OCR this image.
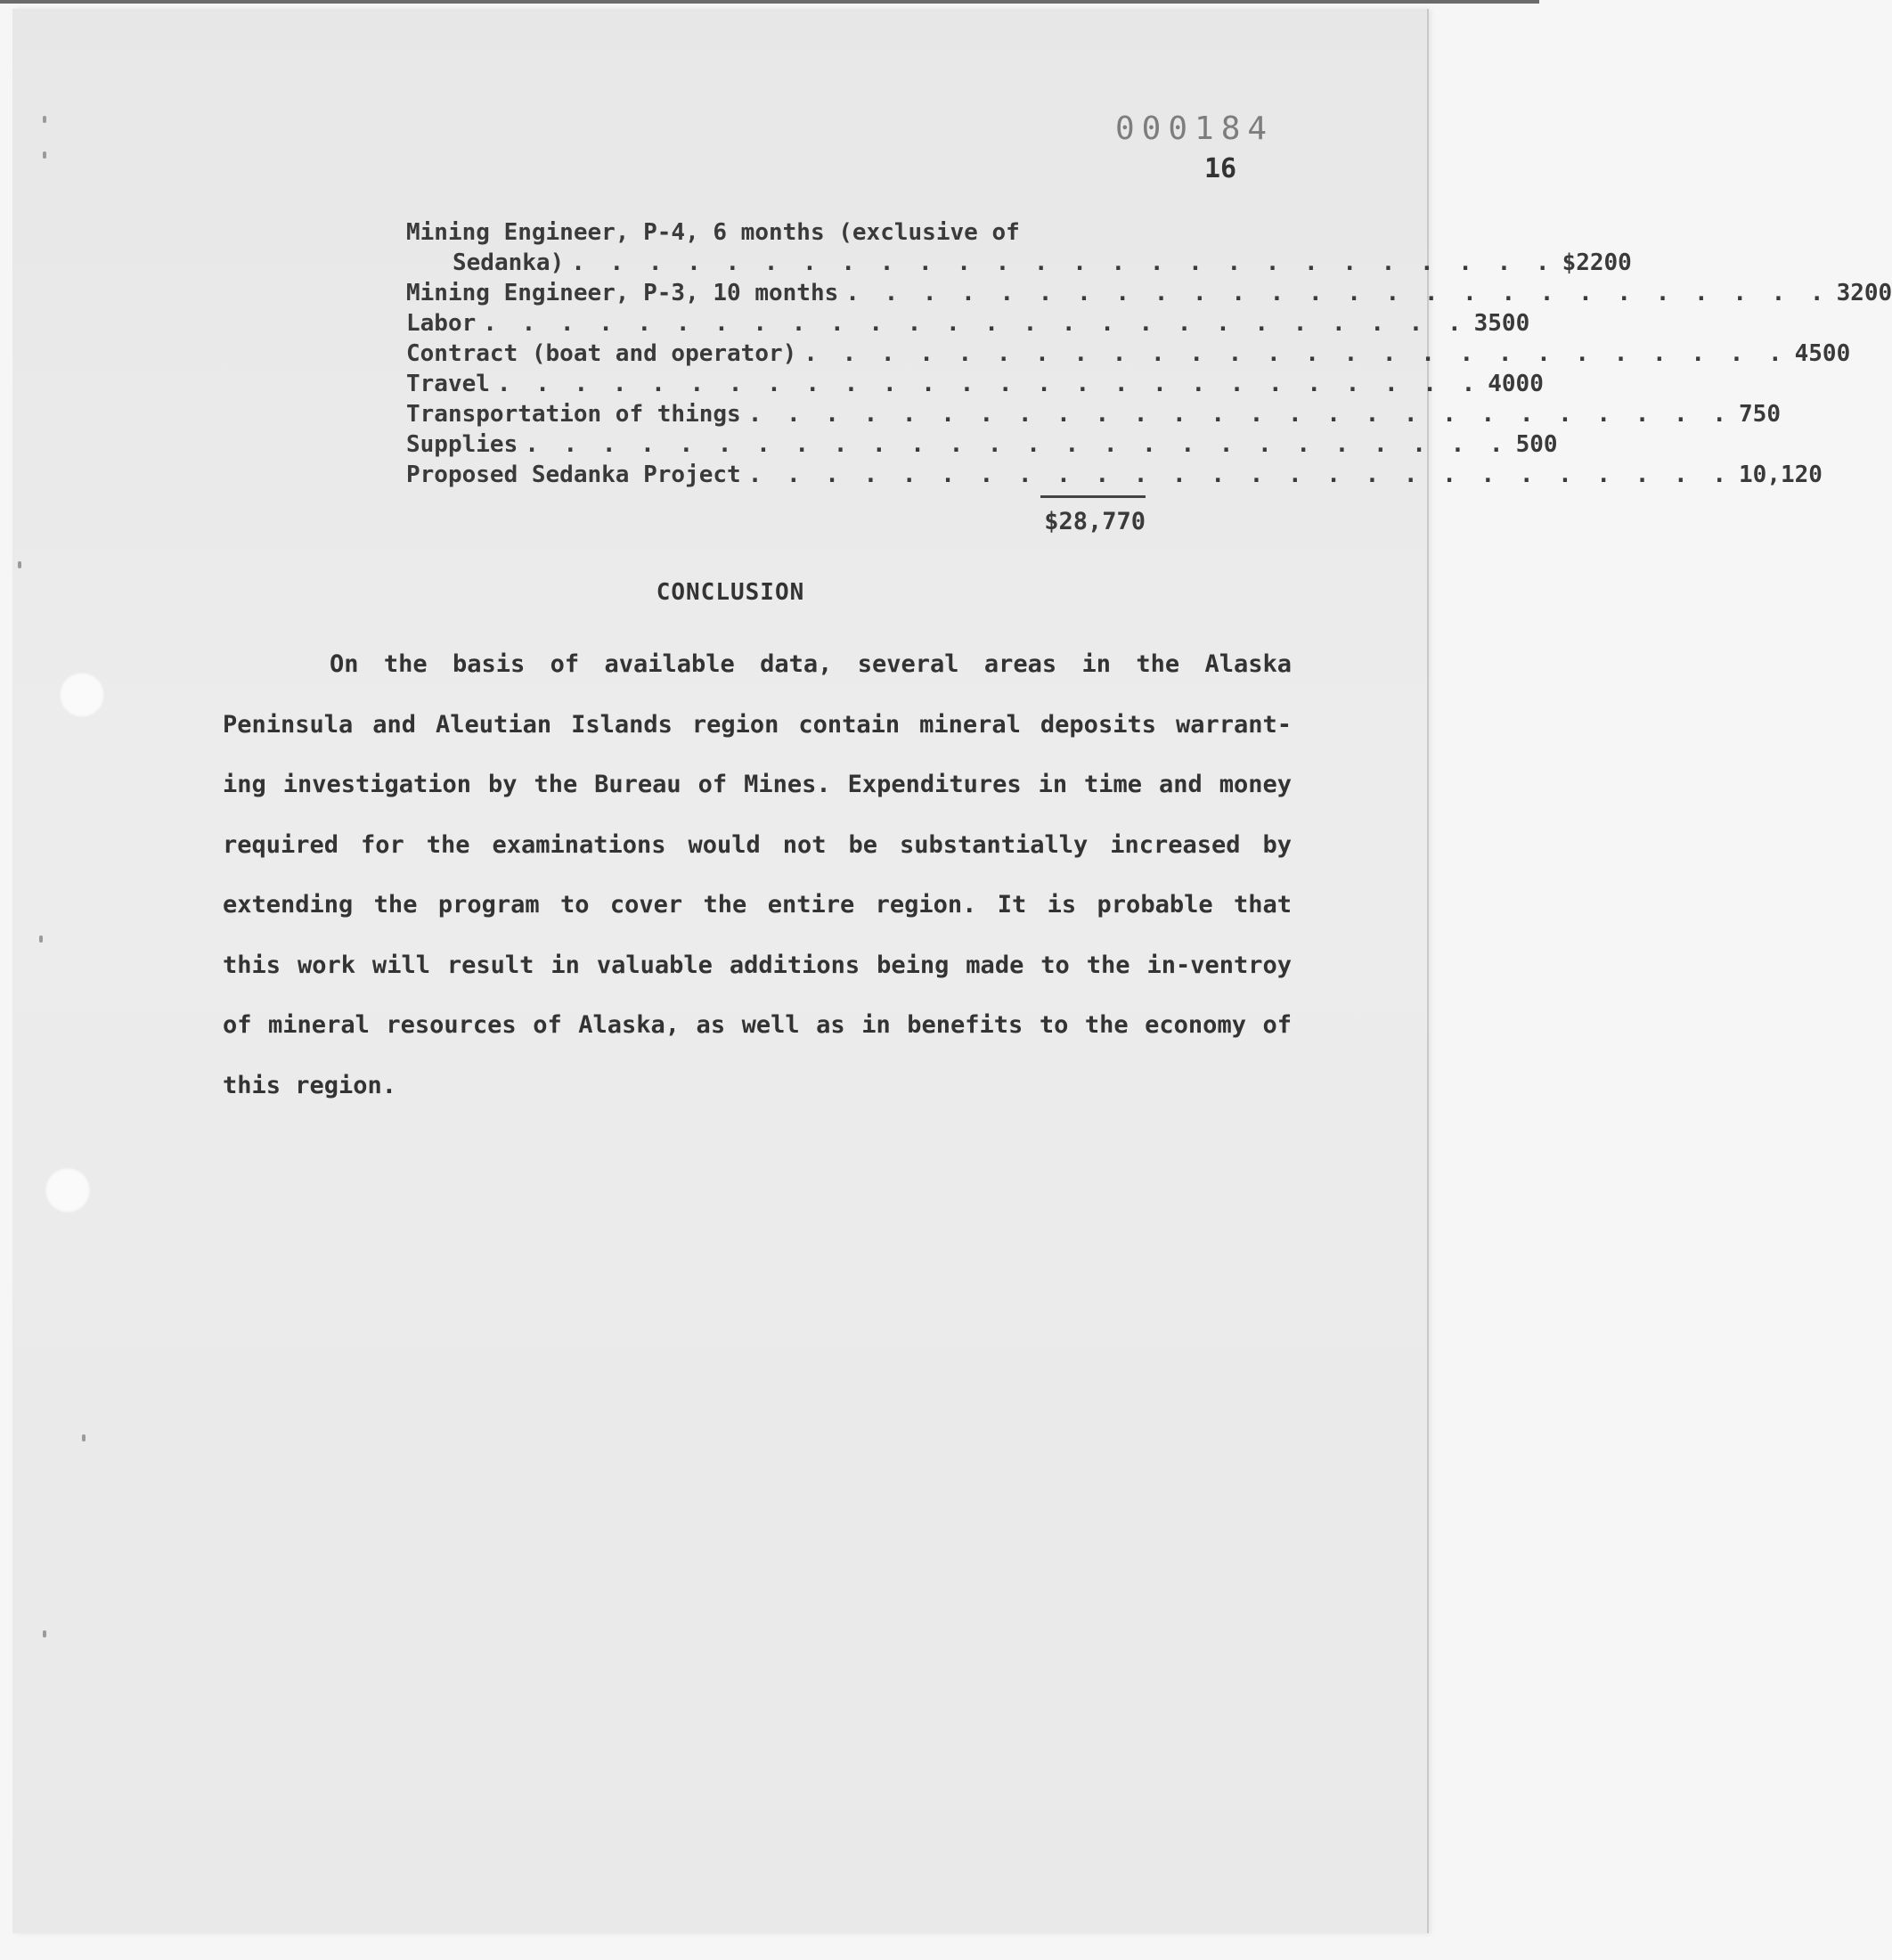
000184
16
Mining Engineer, P-4, 6 months (exclusive of
Sedanka) . . . . . . . . . . . . . . . . . . . . . . . . . . $2200
Mining Engineer, P-3, 10 months . . . . . . . . . . . . . . . . . . . . . . . . . . 3200
Labor . . . . . . . . . . . . . . . . . . . . . . . . . . 3500
Contract (boat and operator) . . . . . . . . . . . . . . . . . . . . . . . . . . 4500
Travel . . . . . . . . . . . . . . . . . . . . . . . . . . 4000
Transportation of things . . . . . . . . . . . . . . . . . . . . . . . . . . 750
Supplies . . . . . . . . . . . . . . . . . . . . . . . . . . 500
Proposed Sedanka Project . . . . . . . . . . . . . . . . . . . . . . . . . . 10,120
$28,770
CONCLUSION
On the basis of available data, several areas in the Alaska Peninsula and Aleutian Islands region contain mineral deposits warrant-ing investigation by the Bureau of Mines. Expenditures in time and money required for the examinations would not be substantially increased by extending the program to cover the entire region. It is probable that this work will result in valuable additions being made to the in-ventroy of mineral resources of Alaska, as well as in benefits to the economy of this region.
